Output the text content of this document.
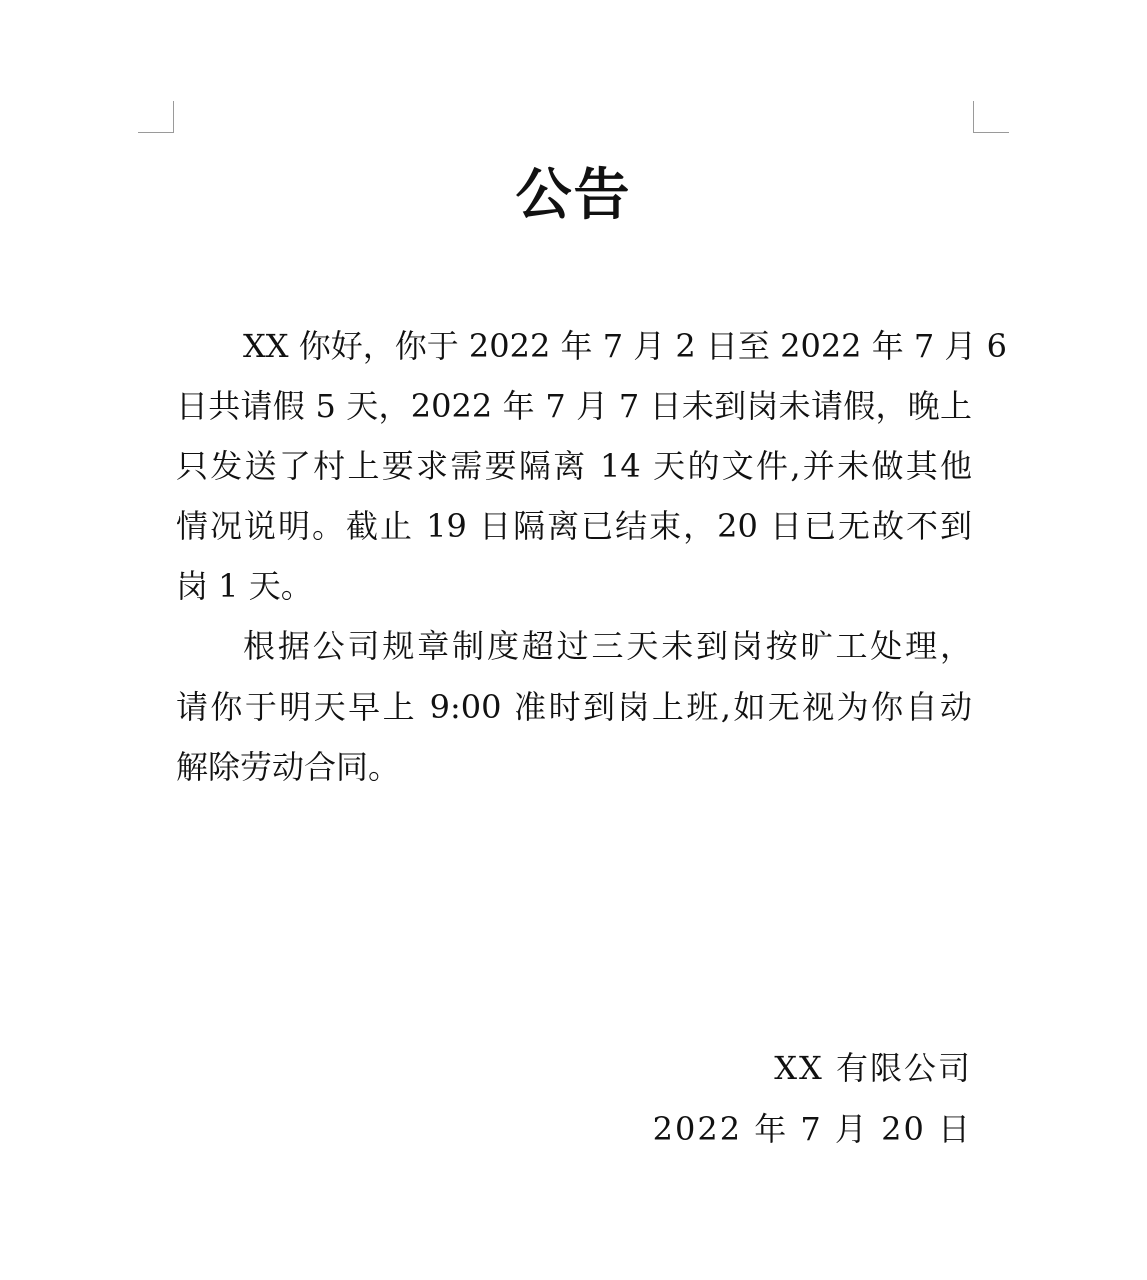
公告
XX 你好，你于 2022 年 7 月 2 日至 2022 年 7 月 6
日共请假 5 天，2022 年 7 月 7 日未到岗未请假，晚上
只发送了村上要求需要隔离 14 天的文件,并未做其他
情况说明。截止 19 日隔离已结束，20 日已无故不到
岗 1 天。
根据公司规章制度超过三天未到岗按旷工处理，
请你于明天早上 9:00 准时到岗上班,如无视为你自动
解除劳动合同。
XX 有限公司
2022 年 7 月 20 日
